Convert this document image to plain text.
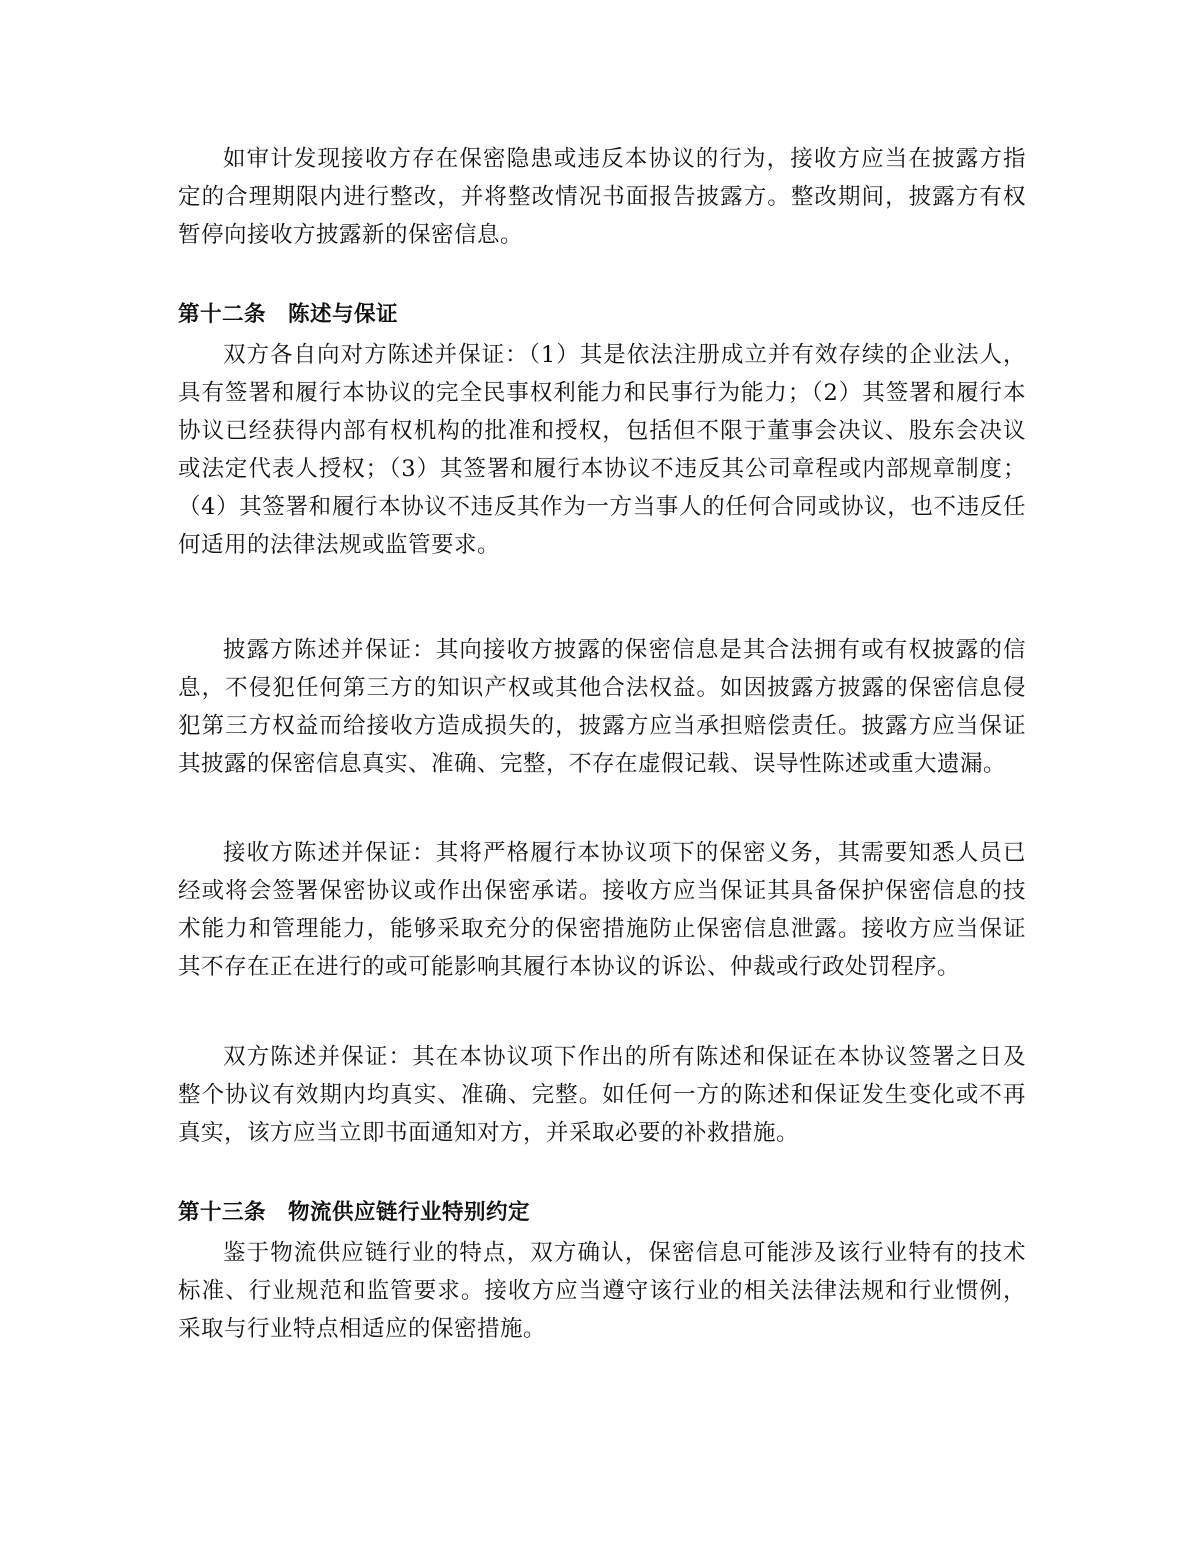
如审计发现接收方存在保密隐患或违反本协议的行为，接收方应当在披露方指定的合理期限内进行整改，并将整改情况书面报告披露方。整改期间，披露方有权暂停向接收方披露新的保密信息。

第十二条 陈述与保证

双方各自向对方陈述并保证：（1）其是依法注册成立并有效存续的企业法人，具有签署和履行本协议的完全民事权利能力和民事行为能力；（2）其签署和履行本协议已经获得内部有权机构的批准和授权，包括但不限于董事会决议、股东会决议或法定代表人授权；（3）其签署和履行本协议不违反其公司章程或内部规章制度；（4）其签署和履行本协议不违反其作为一方当事人的任何合同或协议，也不违反任何适用的法律法规或监管要求。

披露方陈述并保证：其向接收方披露的保密信息是其合法拥有或有权披露的信息，不侵犯任何第三方的知识产权或其他合法权益。如因披露方披露的保密信息侵犯第三方权益而给接收方造成损失的，披露方应当承担赔偿责任。披露方应当保证其披露的保密信息真实、准确、完整，不存在虚假记载、误导性陈述或重大遗漏。

接收方陈述并保证：其将严格履行本协议项下的保密义务，其需要知悉人员已经或将会签署保密协议或作出保密承诺。接收方应当保证其具备保护保密信息的技术能力和管理能力，能够采取充分的保密措施防止保密信息泄露。接收方应当保证其不存在正在进行的或可能影响其履行本协议的诉讼、仲裁或行政处罚程序。

双方陈述并保证：其在本协议项下作出的所有陈述和保证在本协议签署之日及整个协议有效期内均真实、准确、完整。如任何一方的陈述和保证发生变化或不再真实，该方应当立即书面通知对方，并采取必要的补救措施。

第十三条 物流供应链行业特别约定

鉴于物流供应链行业的特点，双方确认，保密信息可能涉及该行业特有的技术标准、行业规范和监管要求。接收方应当遵守该行业的相关法律法规和行业惯例，采取与行业特点相适应的保密措施。
